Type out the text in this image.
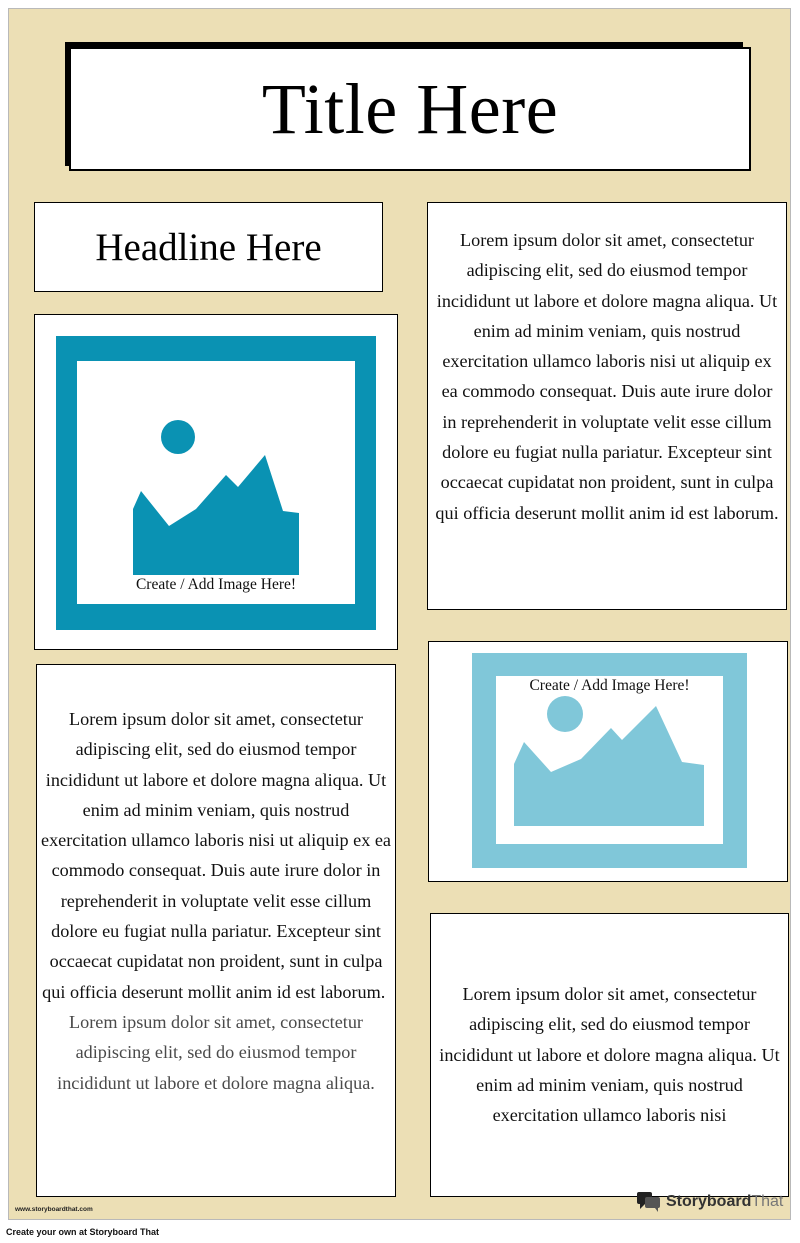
Title Here
Headline Here	Lorem ipsum dolor sit amet, consectetur adipiscing elit, sed do eiusmod tempor incididunt ut labore et dolore magna aliqua. Ut enim ad minim veniam, quis nostrud exercitation ullamco laboris nisi ut aliquip ex ea commodo consequat. Duis aute irure dolor in reprehenderit in voluptate velit esse cillum dolore eu fugiat nulla pariatur. Excepteur sint occaecat cupidatat non proident, sunt in culpa qui officia deserunt mollit anim id est laborum.
Create / Add Image Here!
Lorem ipsum dolor sit amet, consectetur adipiscing elit, sed do eiusmod tempor incididunt ut labore et dolore magna aliqua. Ut enim ad minim veniam, quis nostrud exercitation ullamco laboris nisi ut aliquip ex ea commodo consequat. Duis aute irure dolor in reprehenderit in voluptate velit esse cillum dolore eu fugiat nulla pariatur. Excepteur sint occaecat cupidatat non proident, sunt in culpa qui officia deserunt mollit anim id est laborum.  Lorem ipsum dolor sit amet, consectetur adipiscing elit, sed do eiusmod tempor incididunt ut labore et dolore magna aliqua.
Create / Add Image Here!
Lorem ipsum dolor sit amet, consectetur adipiscing elit, sed do eiusmod tempor incididunt ut labore et dolore magna aliqua. Ut enim ad minim veniam, quis nostrud exercitation ullamco laboris nisi
www.storyboardthat.com	StoryboardThat
Create your own at Storyboard That
